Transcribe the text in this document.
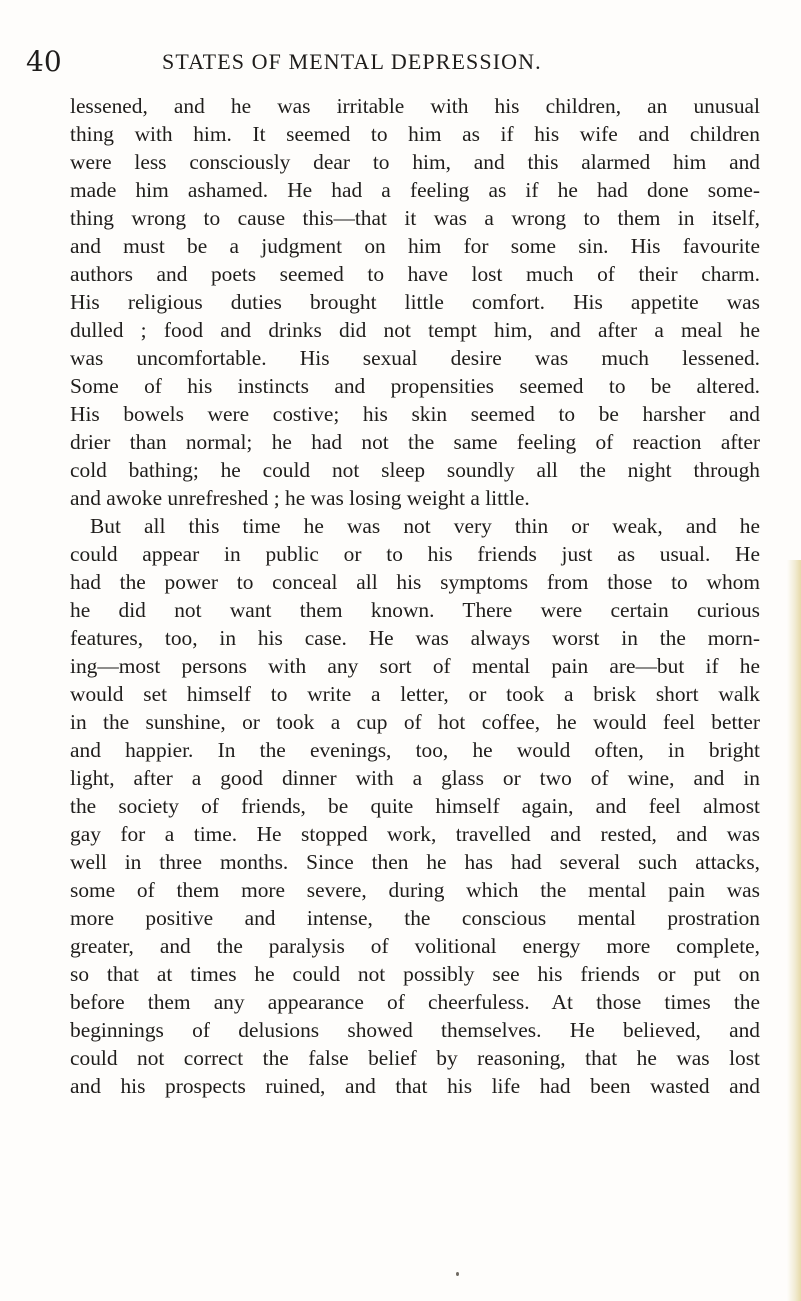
40	STATES OF MENTAL DEPRESSION.
lessened, and he was irritable with his children, an unusual
thing with him. It seemed to him as if his wife and children
were less consciously dear to him, and this alarmed him and
made him ashamed. He had a feeling as if he had done some-
thing wrong to cause this—that it was a wrong to them in itself,
and must be a judgment on him for some sin. His favourite
authors and poets seemed to have lost much of their charm.
His religious duties brought little comfort. His appetite was
dulled ; food and drinks did not tempt him, and after a meal he
was uncomfortable. His sexual desire was much lessened.
Some of his instincts and propensities seemed to be altered.
His bowels were costive; his skin seemed to be harsher and
drier than normal; he had not the same feeling of reaction after
cold bathing; he could not sleep soundly all the night through
and awoke unrefreshed ; he was losing weight a little.
But all this time he was not very thin or weak, and he
could appear in public or to his friends just as usual. He
had the power to conceal all his symptoms from those to whom
he did not want them known. There were certain curious
features, too, in his case. He was always worst in the morn-
ing—most persons with any sort of mental pain are—but if he
would set himself to write a letter, or took a brisk short walk
in the sunshine, or took a cup of hot coffee, he would feel better
and happier. In the evenings, too, he would often, in bright
light, after a good dinner with a glass or two of wine, and in
the society of friends, be quite himself again, and feel almost
gay for a time. He stopped work, travelled and rested, and was
well in three months. Since then he has had several such attacks,
some of them more severe, during which the mental pain was
more positive and intense, the conscious mental prostration
greater, and the paralysis of volitional energy more complete,
so that at times he could not possibly see his friends or put on
before them any appearance of cheerfuless. At those times the
beginnings of delusions showed themselves. He believed, and
could not correct the false belief by reasoning, that he was lost
and his prospects ruined, and that his life had been wasted and
